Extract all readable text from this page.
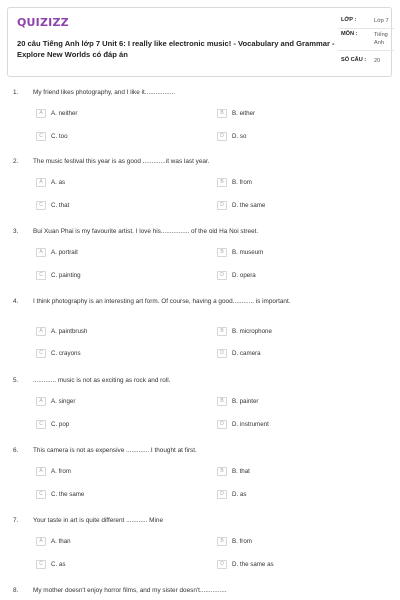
QUIZIZZ
20 câu Tiếng Anh lớp 7 Unit 6: I really like electronic music! - Vocabulary and Grammar - Explore New Worlds có đáp án
LỚP :	Lớp 7
MÔN :	Tiếng Anh
SỐ CÂU : 20
1. My friend likes photography, and I like it.................
A	A. neither	B	B. either
C	C. too	D	D. so
2. The music festival this year is as good .............it was last year.
A	A. as	B	B. from
C	C. that	D	D. the same
3. Bui Xuan Phai is my favourite artist. I love his................ of the old Ha Noi street.
A	A. portrait	B	B. museum
C	C. painting	D	D. opera
4. I think photography is an interesting art form. Of course, having a good............ is important.
A	A. paintbrush	B	B. microphone
C	C. crayons	D	D. camera
5. ............. music is not as exciting as rock and roll.
A	A. singer	B	B. painter
C	C. pop	D	D. instrument
6. This camera is not as expensive ............. I thought at first.
A	A. from	B	B. that
C	C. the same	D	D. as
7. Your taste in art is quite different ............ Mine
A	A. than	B	B. from
C	C. as	D	D. the same as
8. My mother doesn't enjoy horror films, and my sister doesn't...............
